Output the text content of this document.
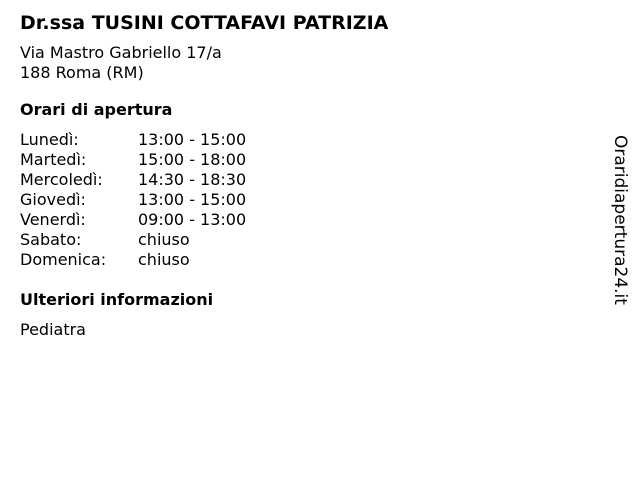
Dr.ssa TUSINI COTTAFAVI PATRIZIA
Via Mastro Gabriello 17/a
188 Roma (RM)
Orari di apertura
Lunedì:	13:00 - 15:00
Martedì:	15:00 - 18:00
Mercoledì:	14:30 - 18:30
Giovedì:	13:00 - 15:00
Venerdì:	09:00 - 13:00
Sabato:	chiuso
Domenica:	chiuso
Ulteriori informazioni
Pediatra
Oraridiapertura24.it
